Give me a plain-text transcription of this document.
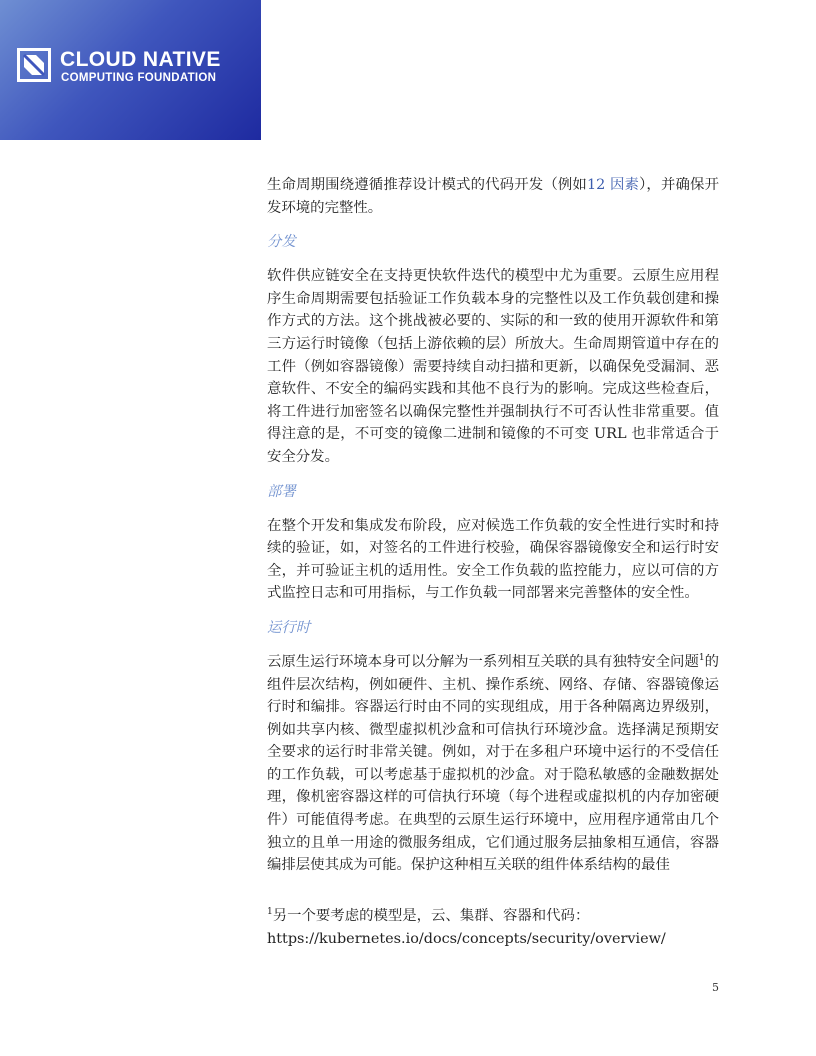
CLOUD NATIVE
COMPUTING FOUNDATION

生命周期围绕遵循推荐设计模式的代码开发（例如12 因素），并确保开发环境的完整性。

分发

软件供应链安全在支持更快软件迭代的模型中尤为重要。云原生应用程序生命周期需要包括验证工作负载本身的完整性以及工作负载创建和操作方式的方法。这个挑战被必要的、实际的和一致的使用开源软件和第三方运行时镜像（包括上游依赖的层）所放大。生命周期管道中存在的工件（例如容器镜像）需要持续自动扫描和更新，以确保免受漏洞、恶意软件、不安全的编码实践和其他不良行为的影响。完成这些检查后，将工件进行加密签名以确保完整性并强制执行不可否认性非常重要。值得注意的是，不可变的镜像二进制和镜像的不可变 URL 也非常适合于安全分发。

部署

在整个开发和集成发布阶段，应对候选工作负载的安全性进行实时和持续的验证，如，对签名的工件进行校验，确保容器镜像安全和运行时安全，并可验证主机的适用性。安全工作负载的监控能力，应以可信的方式监控日志和可用指标，与工作负载一同部署来完善整体的安全性。

运行时

云原生运行环境本身可以分解为一系列相互关联的具有独特安全问题$^1$的组件层次结构，例如硬件、主机、操作系统、网络、存储、容器镜像运行时和编排。容器运行时由不同的实现组成，用于各种隔离边界级别，例如共享内核、微型虚拟机沙盒和可信执行环境沙盒。选择满足预期安全要求的运行时非常关键。例如，对于在多租户环境中运行的不受信任的工作负载，可以考虑基于虚拟机的沙盒。对于隐私敏感的金融数据处理，像机密容器这样的可信执行环境（每个进程或虚拟机的内存加密硬件）可能值得考虑。在典型的云原生运行环境中，应用程序通常由几个独立的且单一用途的微服务组成，它们通过服务层抽象相互通信，容器编排层使其成为可能。保护这种相互关联的组件体系结构的最佳

$^1$另一个要考虑的模型是，云、集群、容器和代码：
https://kubernetes.io/docs/concepts/security/overview/
5
